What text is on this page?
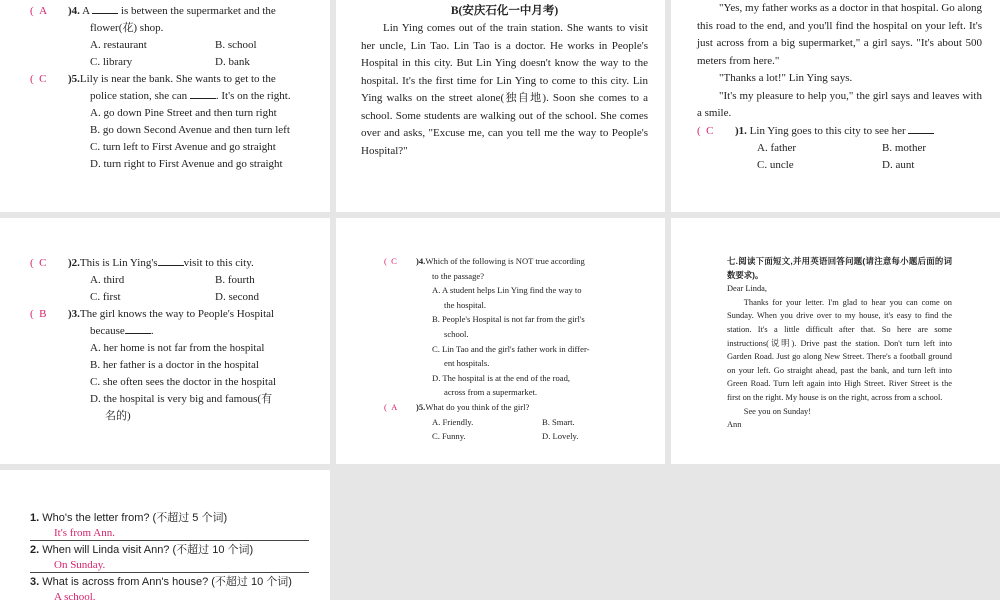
(  A )4. A	is between the supermarket and the
flower(花) shop.
A. restaurant	B. school
C. library	D. bank
(  C )5.Lily is near the bank. She wants to get to the
police station, she can	. It's on the right.
A. go down Pine Street and then turn right
B. go down Second Avenue and then turn left
C. turn left to First Avenue and go straight
D. turn right to First Avenue and go straight
B(安庆石化一中月考)

Lin Ying comes out of the train station. She wants to visit her uncle, Lin Tao. Lin Tao is a doctor. He works in People's Hospital in this city. But Lin Ying doesn't know the way to the hospital. It's the first time for Lin Ying to come to this city. Lin Ying walks on the street alone(独自地). Soon she comes to a school. Some students are walking out of the school. She comes over and asks, "Excuse me, can you tell me the way to People's Hospital?"

"Yes, my father works as a doctor in that hospital. Go along this road to the end, and you'll find the hospital on your left. It's just across from a big supermarket," a girl says. "It's about 500 meters from here."

"Thanks a lot!" Lin Ying says.

"It's my pleasure to help you," the girl says and leaves with a smile.

(  C )1. Lin Ying goes to this city to see her
A. father	B. mother
C. uncle	D. aunt
(  C )2.This is Lin Ying's visit to this city.
A. third	B. fourth
C. first	D. second
(  B )3.The girl knows the way to People's Hospital
because .
A. her home is not far from the hospital
B. her father is a doctor in the hospital
C. she often sees the doctor in the hospital
D. the hospital is very big and famous(有
名的)
(  C )4.Which of the following is NOT true according
to the passage?
A. A student helps Lin Ying find the way to
the hospital.
B. People's Hospital is not far from the girl's
school.
C. Lin Tao and the girl's father work in differ-
ent hospitals.
D. The hospital is at the end of the road,
across from a supermarket.
(  A )5.What do you think of the girl?
A. Friendly.	B. Smart.
C. Funny.	D. Lovely.

七.阅读下面短文,并用英语回答问题(请注意每小题后面的词数要求)。

Dear Linda,

Thanks for your letter. I'm glad to hear you can come on Sunday. When you drive over to my house, it's easy to find the station. It's a little difficult after that. So here are some instructions(说明). Drive past the station. Don't turn left into Garden Road. Just go along New Street. There's a football ground on your left. Go straight ahead, past the bank, and turn left into Green Road. Turn left again into High Street. River Street is the first on the right. My house is on the right, across from a school.

See you on Sunday!

Ann

1. Who's the letter from? (不超过 5 个词)
It's from Ann.
2. When will Linda visit Ann? (不超过 10 个词)
On Sunday.
3. What is across from Ann's house? (不超过 10 个词)
A school.
